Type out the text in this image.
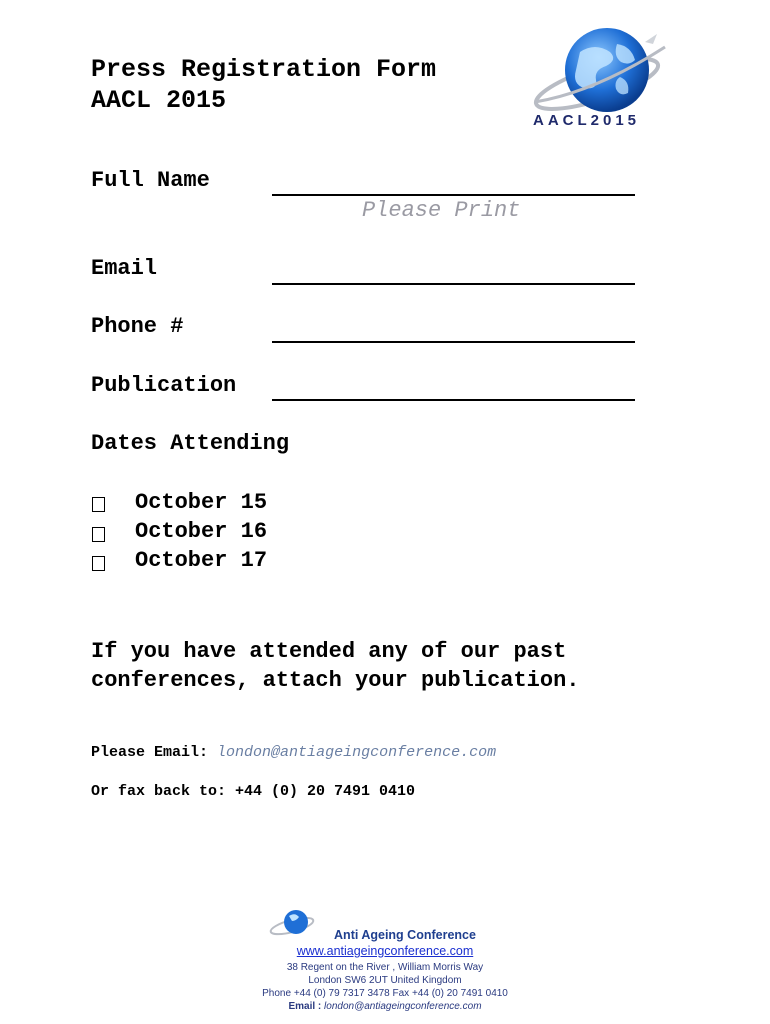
Press Registration Form
AACL 2015
AACL2015
Full Name
Please Print
Email
Phone #
Publication
Dates Attending
October 15
October 16
October 17
If you have attended any of our past
conferences, attach your publication.
Please Email: london@antiageingconference.com
Or fax back to: +44 (0) 20 7491 0410
Anti Ageing Conference
www.antiageingconference.com
38 Regent on the River , William Morris Way
London SW6 2UT United Kingdom
Phone +44 (0) 79 7317 3478 Fax +44 (0) 20 7491 0410
Email : london@antiageingconference.com
